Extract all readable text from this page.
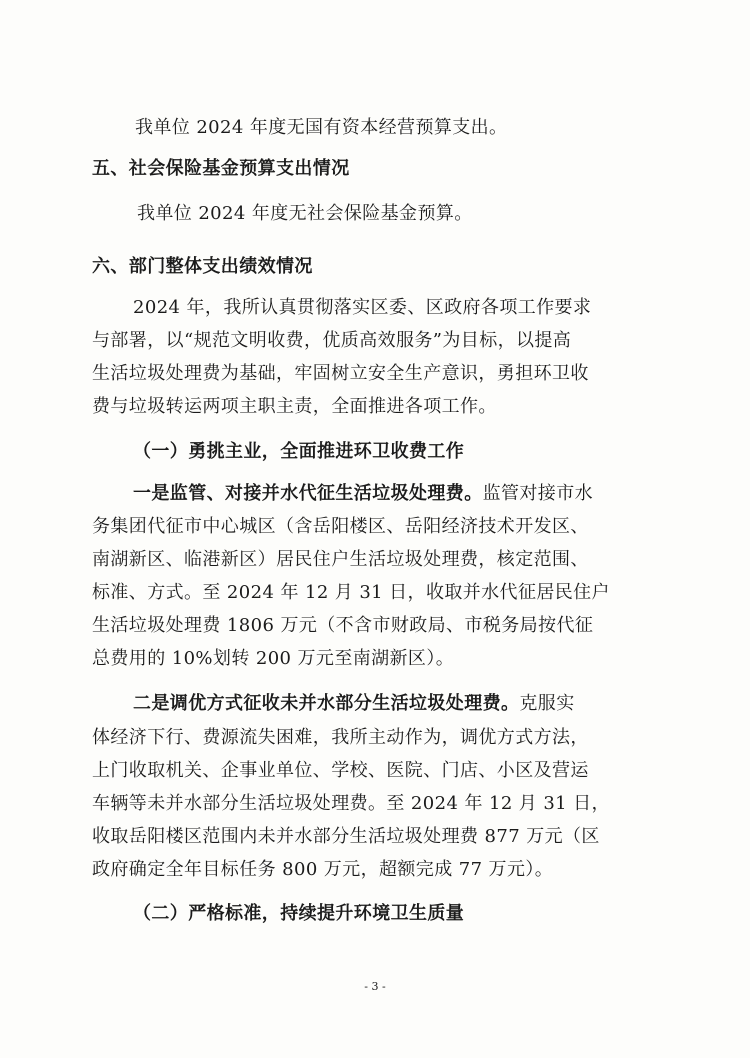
我单位 2024 年度无国有资本经营预算支出。
五、社会保险基金预算支出情况
我单位 2024 年度无社会保险基金预算。
六、部门整体支出绩效情况
2024 年，我所认真贯彻落实区委、区政府各项工作要求
与部署，以“规范文明收费，优质高效服务”为目标，以提高
生活垃圾处理费为基础，牢固树立安全生产意识，勇担环卫收
费与垃圾转运两项主职主责，全面推进各项工作。
（一）勇挑主业，全面推进环卫收费工作
一是监管、对接并水代征生活垃圾处理费。监管对接市水
务集团代征市中心城区（含岳阳楼区、岳阳经济技术开发区、
南湖新区、临港新区）居民住户生活垃圾处理费，核定范围、
标准、方式。至 2024 年 12 月 31 日，收取并水代征居民住户
生活垃圾处理费 1806 万元（不含市财政局、市税务局按代征
总费用的 10%划转 200 万元至南湖新区）。
二是调优方式征收未并水部分生活垃圾处理费。克服实
体经济下行、费源流失困难，我所主动作为，调优方式方法，
上门收取机关、企事业单位、学校、医院、门店、小区及营运
车辆等未并水部分生活垃圾处理费。至 2024 年 12 月 31 日，
收取岳阳楼区范围内未并水部分生活垃圾处理费 877 万元（区
政府确定全年目标任务 800 万元，超额完成 77 万元）。
（二）严格标准，持续提升环境卫生质量
- 3 -
